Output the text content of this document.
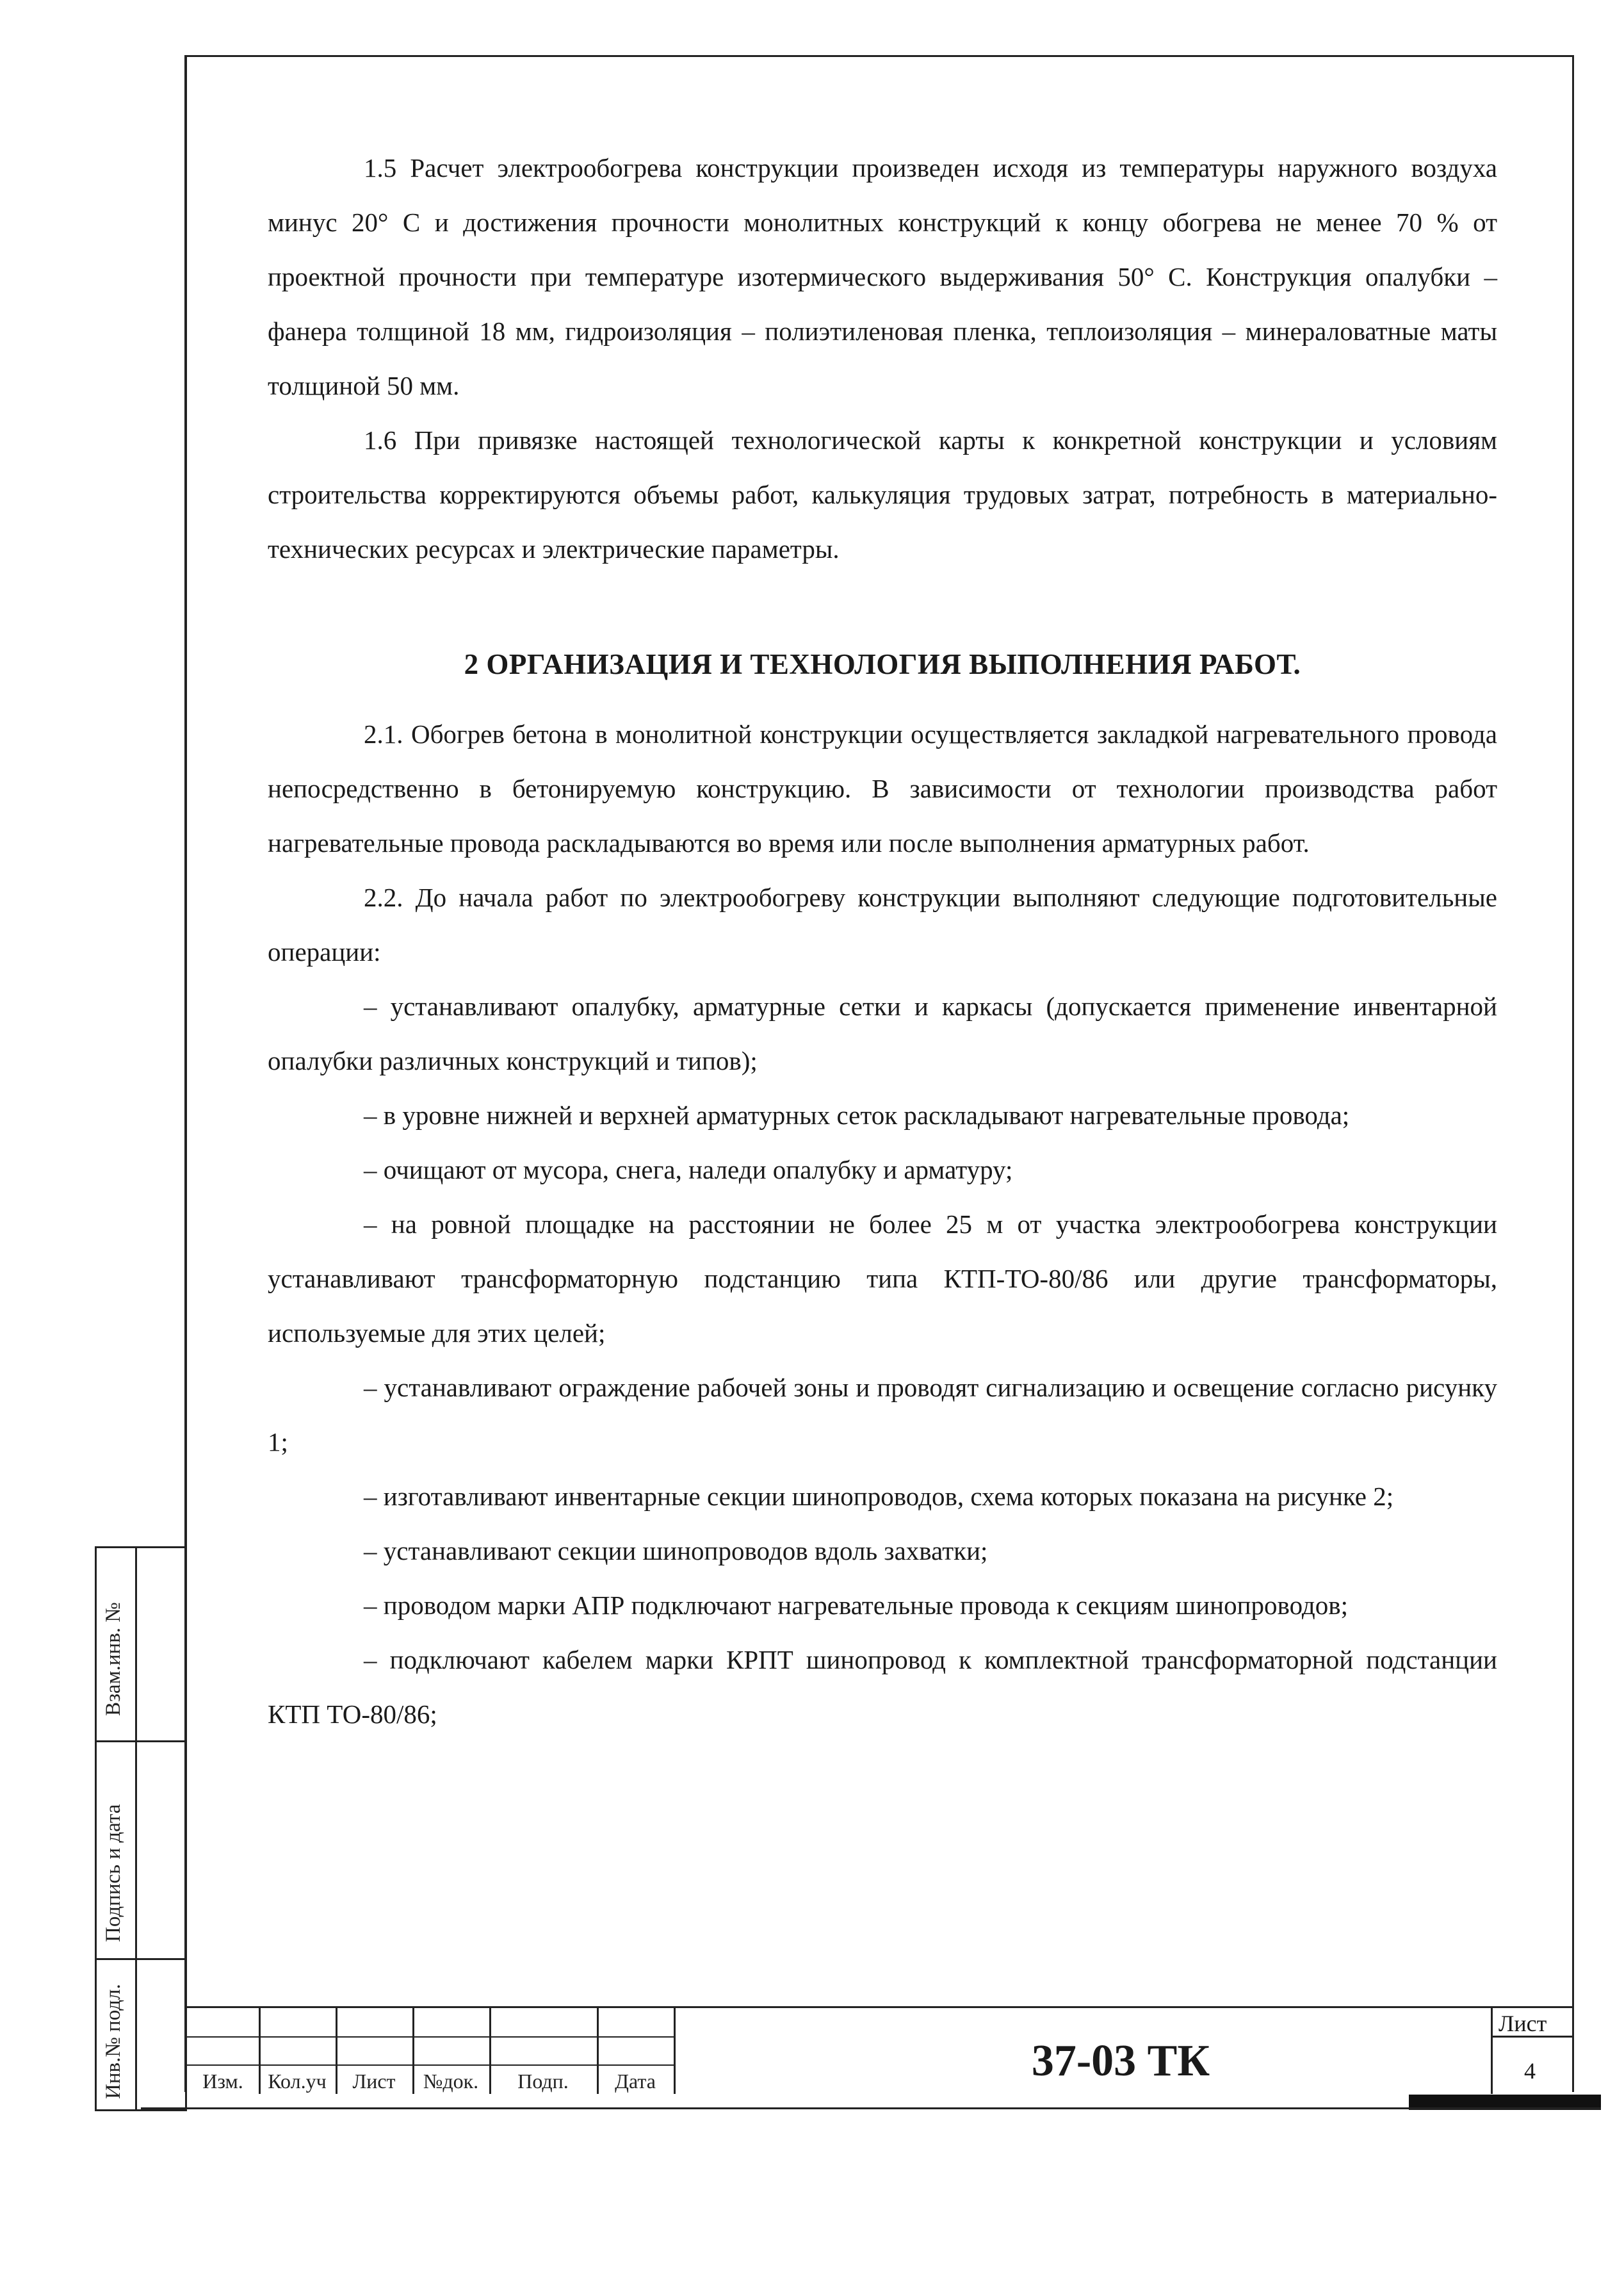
1.5 Расчет электрообогрева конструкции произведен исходя из температуры наружного воздуха минус 20° С и достижения прочности монолитных конструкций к концу обогрева не менее 70 % от проектной прочности при температуре изотермического выдерживания 50° С. Конструкция опалубки – фанера толщиной 18 мм, гидроизоляция – полиэтиленовая пленка, теплоизоляция – минераловатные маты толщиной 50 мм.

1.6 При привязке настоящей технологической карты к конкретной конструкции и условиям строительства корректируются объемы работ, калькуляция трудовых затрат, потребность в материально-технических ресурсах и электрические параметры.

2 ОРГАНИЗАЦИЯ И ТЕХНОЛОГИЯ ВЫПОЛНЕНИЯ РАБОТ.

2.1. Обогрев бетона в монолитной конструкции осуществляется закладкой нагревательного провода непосредственно в бетонируемую конструкцию. В зависимости от технологии производства работ нагревательные провода раскладываются во время или после выполнения арматурных работ.

2.2. До начала работ по электрообогреву конструкции выполняют следующие подготовительные операции:

– устанавливают опалубку, арматурные сетки и каркасы (допускается применение инвентарной опалубки различных конструкций и типов);

– в уровне нижней и верхней арматурных сеток раскладывают нагревательные провода;

– очищают от мусора, снега, наледи опалубку и арматуру;

– на ровной площадке на расстоянии не более 25 м от участка электрообогрева конструкции устанавливают трансформаторную подстанцию типа КТП-ТО-80/86 или другие трансформаторы, используемые для этих целей;

– устанавливают ограждение рабочей зоны и проводят сигнализацию и освещение согласно рисунку 1;

– изготавливают инвентарные секции шинопроводов, схема которых показана на рисунке 2;

– устанавливают секции шинопроводов вдоль захватки;

– проводом марки АПР подключают нагревательные провода к секциям шинопроводов;

– подключают кабелем марки КРПТ шинопровод к комплектной трансформаторной подстанции КТП ТО-80/86;

Взам.инв. №
Подпись и дата
Инв.№ подл.	Изм.	Кол.уч	Лист	№док.	Подп.	Дата	37-03 ТК
Лист
4
